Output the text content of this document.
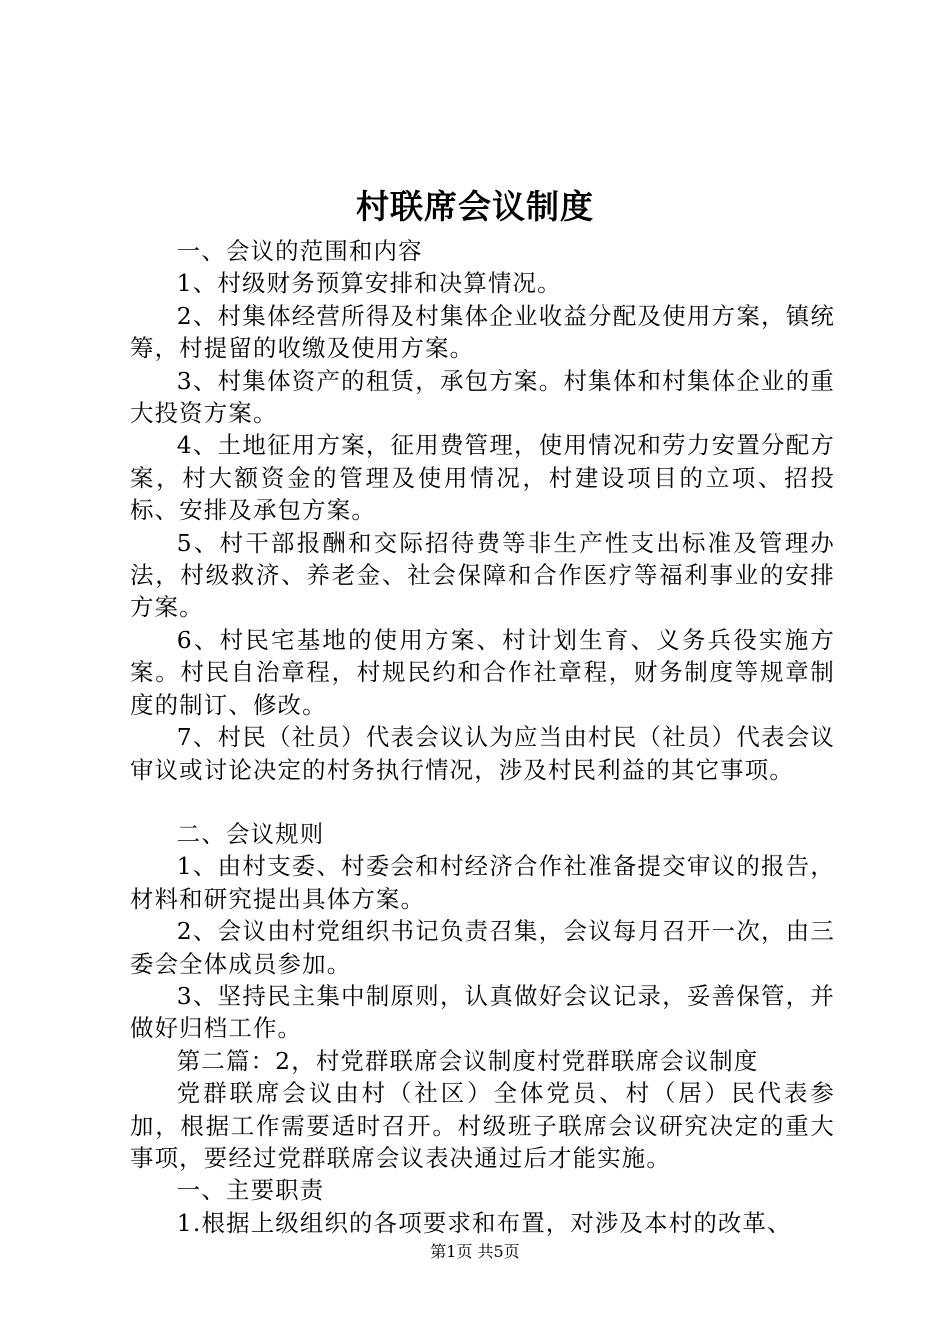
村联席会议制度

一、会议的范围和内容

1、村级财务预算安排和决算情况。

2、村集体经营所得及村集体企业收益分配及使用方案，镇统筹，村提留的收缴及使用方案。

3、村集体资产的租赁，承包方案。村集体和村集体企业的重大投资方案。

4、土地征用方案，征用费管理，使用情况和劳力安置分配方案，村大额资金的管理及使用情况，村建设项目的立项、招投标、安排及承包方案。

5、村干部报酬和交际招待费等非生产性支出标准及管理办法，村级救济、养老金、社会保障和合作医疗等福利事业的安排方案。

6、村民宅基地的使用方案、村计划生育、义务兵役实施方案。村民自治章程，村规民约和合作社章程，财务制度等规章制度的制订、修改。

7、村民（社员）代表会议认为应当由村民（社员）代表会议审议或讨论决定的村务执行情况，涉及村民利益的其它事项。

二、会议规则

1、由村支委、村委会和村经济合作社准备提交审议的报告，材料和研究提出具体方案。

2、会议由村党组织书记负责召集，会议每月召开一次，由三委会全体成员参加。

3、坚持民主集中制原则，认真做好会议记录，妥善保管，并做好归档工作。

第二篇：2，村党群联席会议制度村党群联席会议制度

党群联席会议由村（社区）全体党员、村（居）民代表参加，根据工作需要适时召开。村级班子联席会议研究决定的重大事项，要经过党群联席会议表决通过后才能实施。

一、主要职责

1.根据上级组织的各项要求和布置，对涉及本村的改革、

第1页 共5页
